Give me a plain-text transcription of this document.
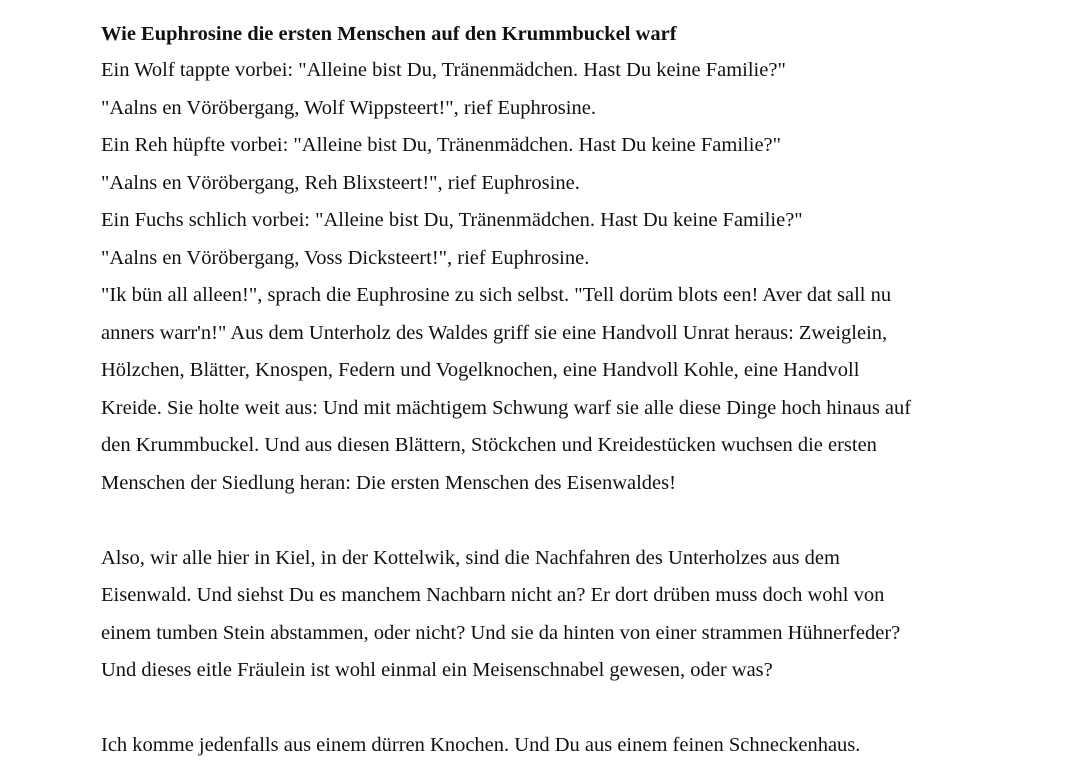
Wie Euphrosine die ersten Menschen auf den Krummbuckel warf

Ein Wolf tappte vorbei: "Alleine bist Du, Tränenmädchen. Hast Du keine Familie?"

"Aalns en Vöröbergang, Wolf Wippsteert!", rief Euphrosine.

Ein Reh hüpfte vorbei: "Alleine bist Du, Tränenmädchen. Hast Du keine Familie?"

"Aalns en Vöröbergang, Reh Blixsteert!", rief Euphrosine.

Ein Fuchs schlich vorbei: "Alleine bist Du, Tränenmädchen. Hast Du keine Familie?"

"Aalns en Vöröbergang, Voss Dicksteert!", rief Euphrosine.

"Ik bün all alleen!", sprach die Euphrosine zu sich selbst. "Tell dorüm blots een! Aver dat sall nu

anners warr'n!" Aus dem Unterholz des Waldes griff sie eine Handvoll Unrat heraus: Zweiglein,

Hölzchen, Blätter, Knospen, Federn und Vogelknochen, eine Handvoll Kohle, eine Handvoll

Kreide. Sie holte weit aus: Und mit mächtigem Schwung warf sie alle diese Dinge hoch hinaus auf

den Krummbuckel. Und aus diesen Blättern, Stöckchen und Kreidestücken wuchsen die ersten

Menschen der Siedlung heran: Die ersten Menschen des Eisenwaldes!

Also, wir alle hier in Kiel, in der Kottelwik, sind die Nachfahren des Unterholzes aus dem

Eisenwald. Und siehst Du es manchem Nachbarn nicht an? Er dort drüben muss doch wohl von

einem tumben Stein abstammen, oder nicht? Und sie da hinten von einer strammen Hühnerfeder?

Und dieses eitle Fräulein ist wohl einmal ein Meisenschnabel gewesen, oder was?

Ich komme jedenfalls aus einem dürren Knochen. Und Du aus einem feinen Schneckenhaus.
